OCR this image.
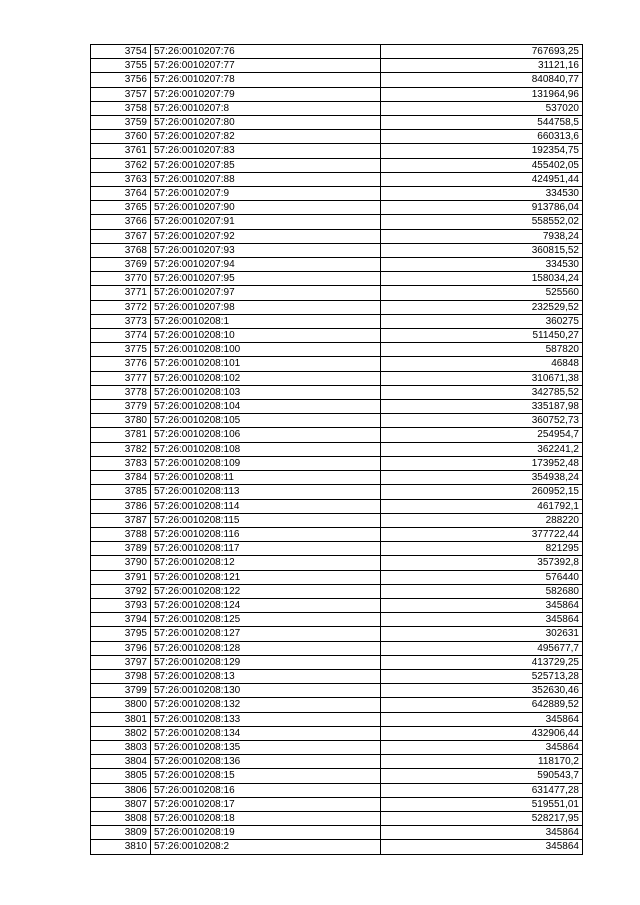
3754	57:26:0010207:76	767693,25
3755	57:26:0010207:77	31121,16
3756	57:26:0010207:78	840840,77
3757	57:26:0010207:79	131964,96
3758	57:26:0010207:8	537020
3759	57:26:0010207:80	544758,5
3760	57:26:0010207:82	660313,6
3761	57:26:0010207:83	192354,75
3762	57:26:0010207:85	455402,05
3763	57:26:0010207:88	424951,44
3764	57:26:0010207:9	334530
3765	57:26:0010207:90	913786,04
3766	57:26:0010207:91	558552,02
3767	57:26:0010207:92	7938,24
3768	57:26:0010207:93	360815,52
3769	57:26:0010207:94	334530
3770	57:26:0010207:95	158034,24
3771	57:26:0010207:97	525560
3772	57:26:0010207:98	232529,52
3773	57:26:0010208:1	360275
3774	57:26:0010208:10	511450,27
3775	57:26:0010208:100	587820
3776	57:26:0010208:101	46848
3777	57:26:0010208:102	310671,38
3778	57:26:0010208:103	342785,52
3779	57:26:0010208:104	335187,98
3780	57:26:0010208:105	360752,73
3781	57:26:0010208:106	254954,7
3782	57:26:0010208:108	362241,2
3783	57:26:0010208:109	173952,48
3784	57:26:0010208:11	354938,24
3785	57:26:0010208:113	260952,15
3786	57:26:0010208:114	461792,1
3787	57:26:0010208:115	288220
3788	57:26:0010208:116	377722,44
3789	57:26:0010208:117	821295
3790	57:26:0010208:12	357392,8
3791	57:26:0010208:121	576440
3792	57:26:0010208:122	582680
3793	57:26:0010208:124	345864
3794	57:26:0010208:125	345864
3795	57:26:0010208:127	302631
3796	57:26:0010208:128	495677,7
3797	57:26:0010208:129	413729,25
3798	57:26:0010208:13	525713,28
3799	57:26:0010208:130	352630,46
3800	57:26:0010208:132	642889,52
3801	57:26:0010208:133	345864
3802	57:26:0010208:134	432906,44
3803	57:26:0010208:135	345864
3804	57:26:0010208:136	118170,2
3805	57:26:0010208:15	590543,7
3806	57:26:0010208:16	631477,28
3807	57:26:0010208:17	519551,01
3808	57:26:0010208:18	528217,95
3809	57:26:0010208:19	345864
3810	57:26:0010208:2	345864
